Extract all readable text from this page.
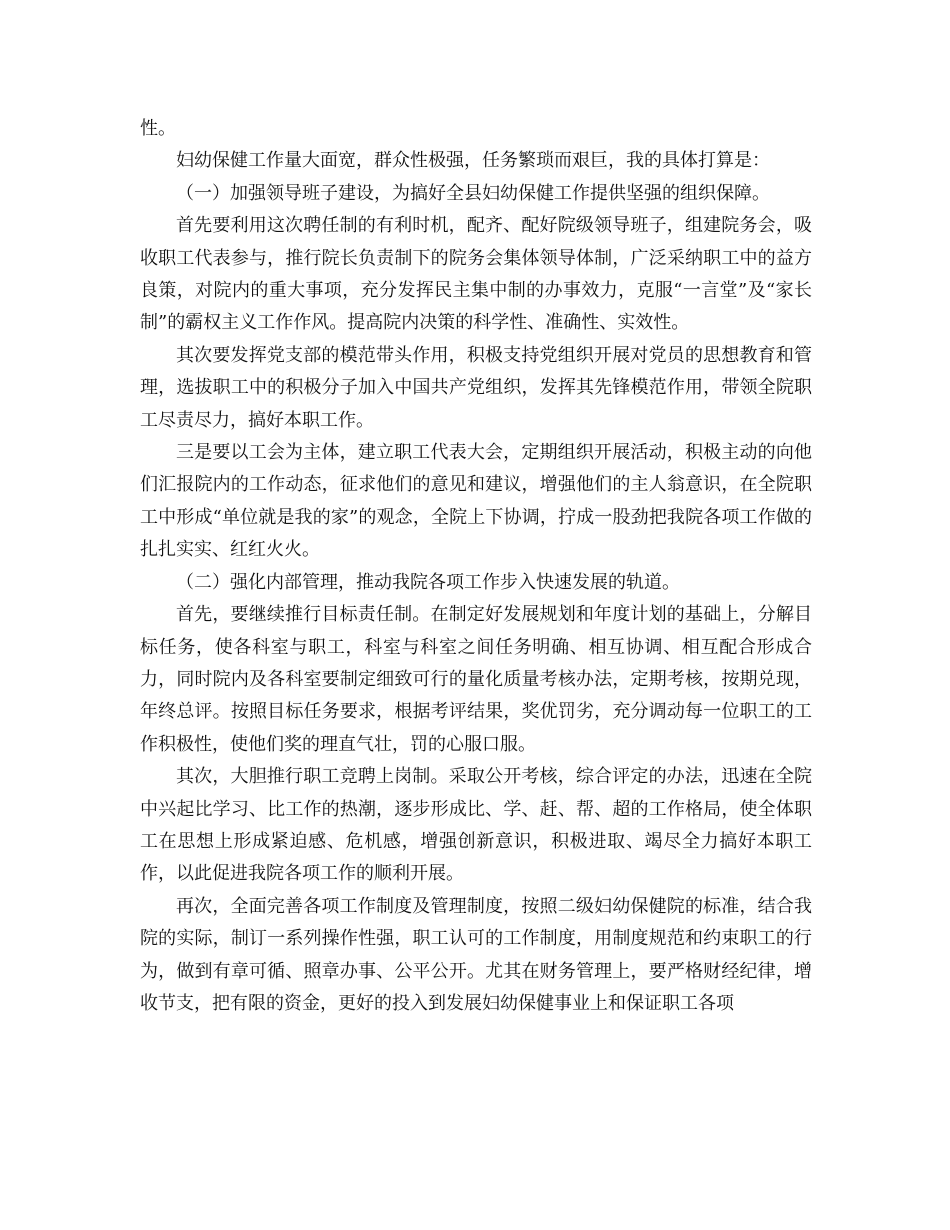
性。

妇幼保健工作量大面宽，群众性极强，任务繁琐而艰巨，我的具体打算是：

（一）加强领导班子建设，为搞好全县妇幼保健工作提供坚强的组织保障。

首先要利用这次聘任制的有利时机，配齐、配好院级领导班子，组建院务会，吸收职工代表参与，推行院长负责制下的院务会集体领导体制，广泛采纳职工中的益方良策，对院内的重大事项，充分发挥民主集中制的办事效力，克服“一言堂”及“家长制”的霸权主义工作作风。提高院内决策的科学性、准确性、实效性。

其次要发挥党支部的模范带头作用，积极支持党组织开展对党员的思想教育和管理，选拔职工中的积极分子加入中国共产党组织，发挥其先锋模范作用，带领全院职工尽责尽力，搞好本职工作。

三是要以工会为主体，建立职工代表大会，定期组织开展活动，积极主动的向他们汇报院内的工作动态，征求他们的意见和建议，增强他们的主人翁意识，在全院职工中形成“单位就是我的家”的观念，全院上下协调，拧成一股劲把我院各项工作做的扎扎实实、红红火火。

（二）强化内部管理，推动我院各项工作步入快速发展的轨道。

首先，要继续推行目标责任制。在制定好发展规划和年度计划的基础上，分解目标任务，使各科室与职工，科室与科室之间任务明确、相互协调、相互配合形成合力，同时院内及各科室要制定细致可行的量化质量考核办法，定期考核，按期兑现，年终总评。按照目标任务要求，根据考评结果，奖优罚劣，充分调动每一位职工的工作积极性，使他们奖的理直气壮，罚的心服口服。

其次，大胆推行职工竞聘上岗制。采取公开考核，综合评定的办法，迅速在全院中兴起比学习、比工作的热潮，逐步形成比、学、赶、帮、超的工作格局，使全体职工在思想上形成紧迫感、危机感，增强创新意识，积极进取、竭尽全力搞好本职工作，以此促进我院各项工作的顺利开展。

再次，全面完善各项工作制度及管理制度，按照二级妇幼保健院的标准，结合我院的实际，制订一系列操作性强，职工认可的工作制度，用制度规范和约束职工的行为，做到有章可循、照章办事、公平公开。尤其在财务管理上，要严格财经纪律，增收节支，把有限的资金，更好的投入到发展妇幼保健事业上和保证职工各项
